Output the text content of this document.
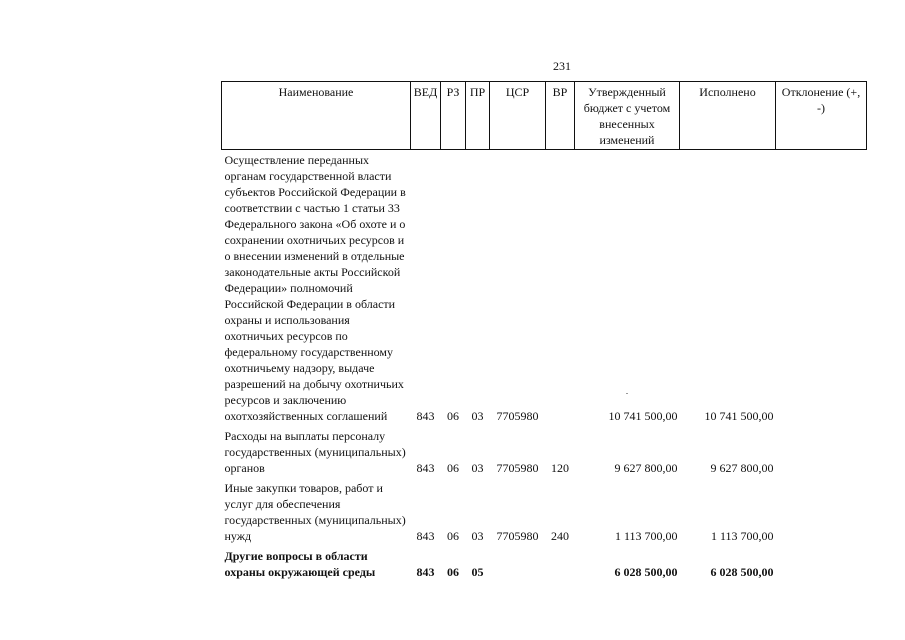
231
Наименование	ВЕД	РЗ	ПР	ЦСР	ВР	Утвержденный бюджет с учетом внесенных изменений	Исполнено	Отклонение (+, -)
Осуществление переданных органам государственной власти субъектов Российской Федерации в соответствии с частью 1 статьи 33 Федерального закона «Об охоте и о сохранении охотничьих ресурсов и о внесении изменений в отдельные законодательные акты Российской Федерации» полномочий Российской Федерации в области охраны и использования охотничьих ресурсов по федеральному государственному охотничьему надзору, выдаче разрешений на добычу охотничьих ресурсов и заключению охотхозяйственных соглашений	843	06	03	7705980		10 741 500,00	10 741 500,00	
Расходы на выплаты персоналу государственных (муниципальных) органов	843	06	03	7705980	120	9 627 800,00	9 627 800,00	
Иные закупки товаров, работ и услуг для обеспечения государственных (муниципальных) нужд	843	06	03	7705980	240	1 113 700,00	1 113 700,00	
Другие вопросы в области охраны окружающей среды	843	06	05			6 028 500,00	6 028 500,00	
